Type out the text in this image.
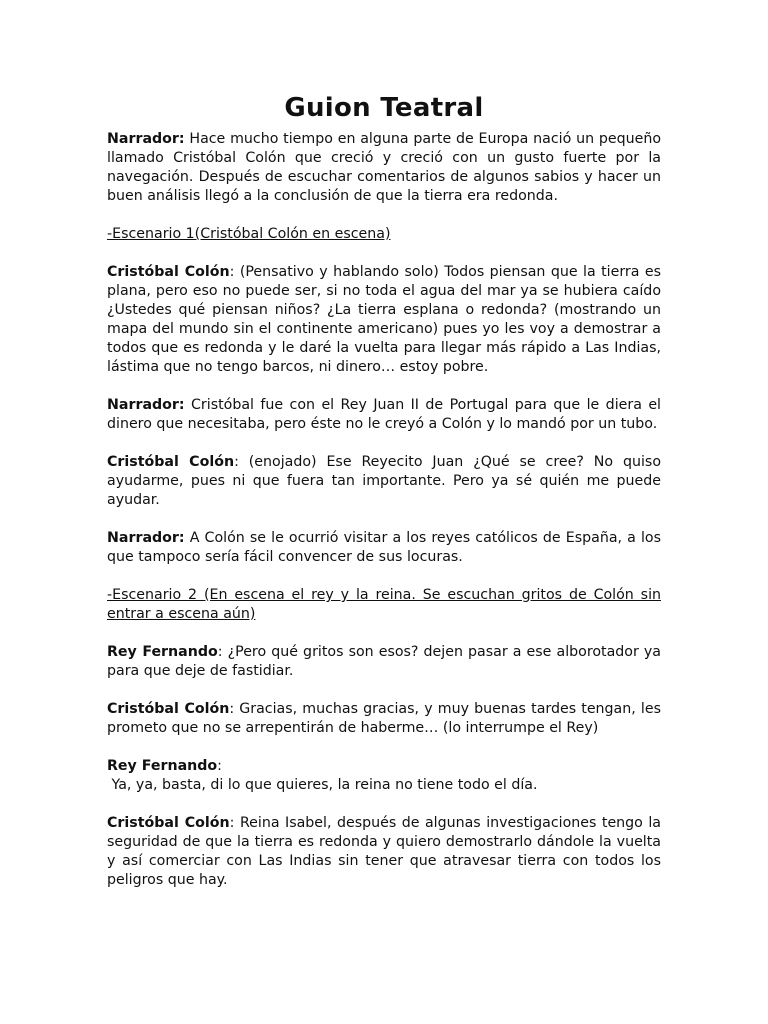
Guion Teatral

Narrador: Hace mucho tiempo en alguna parte de Europa nació un pequeño llamado Cristóbal Colón que creció y creció con un gusto fuerte por la navegación. Después de escuchar comentarios de algunos sabios y hacer un buen análisis llegó a la conclusión de que la tierra era redonda.

-Escenario 1(Cristóbal Colón en escena)

Cristóbal Colón: (Pensativo y hablando solo) Todos piensan que la tierra es plana, pero eso no puede ser, si no toda el agua del mar ya se hubiera caído ¿Ustedes qué piensan niños? ¿La tierra esplana o redonda? (mostrando un mapa del mundo sin el continente americano) pues yo les voy a demostrar a todos que es redonda y le daré la vuelta para llegar más rápido a Las Indias, lástima que no tengo barcos, ni dinero… estoy pobre.

Narrador: Cristóbal fue con el Rey Juan II de Portugal para que le diera el dinero que necesitaba, pero éste no le creyó a Colón y lo mandó por un tubo.

Cristóbal Colón: (enojado) Ese Reyecito Juan ¿Qué se cree? No quiso ayudarme, pues ni que fuera tan importante. Pero ya sé quién me puede ayudar.

Narrador: A Colón se le ocurrió visitar a los reyes católicos de España, a los que tampoco sería fácil convencer de sus locuras.

-Escenario 2 (En escena el rey y la reina. Se escuchan gritos de Colón sin entrar a escena aún)

Rey Fernando: ¿Pero qué gritos son esos? dejen pasar a ese alborotador ya para que deje de fastidiar.

Cristóbal Colón: Gracias, muchas gracias, y muy buenas tardes tengan, les prometo que no se arrepentirán de haberme… (lo interrumpe el Rey)

Rey Fernando:
Ya, ya, basta, di lo que quieres, la reina no tiene todo el día.

Cristóbal Colón: Reina Isabel, después de algunas investigaciones tengo la seguridad de que la tierra es redonda y quiero demostrarlo dándole la vuelta y así comerciar con Las Indias sin tener que atravesar tierra con todos los peligros que hay.
